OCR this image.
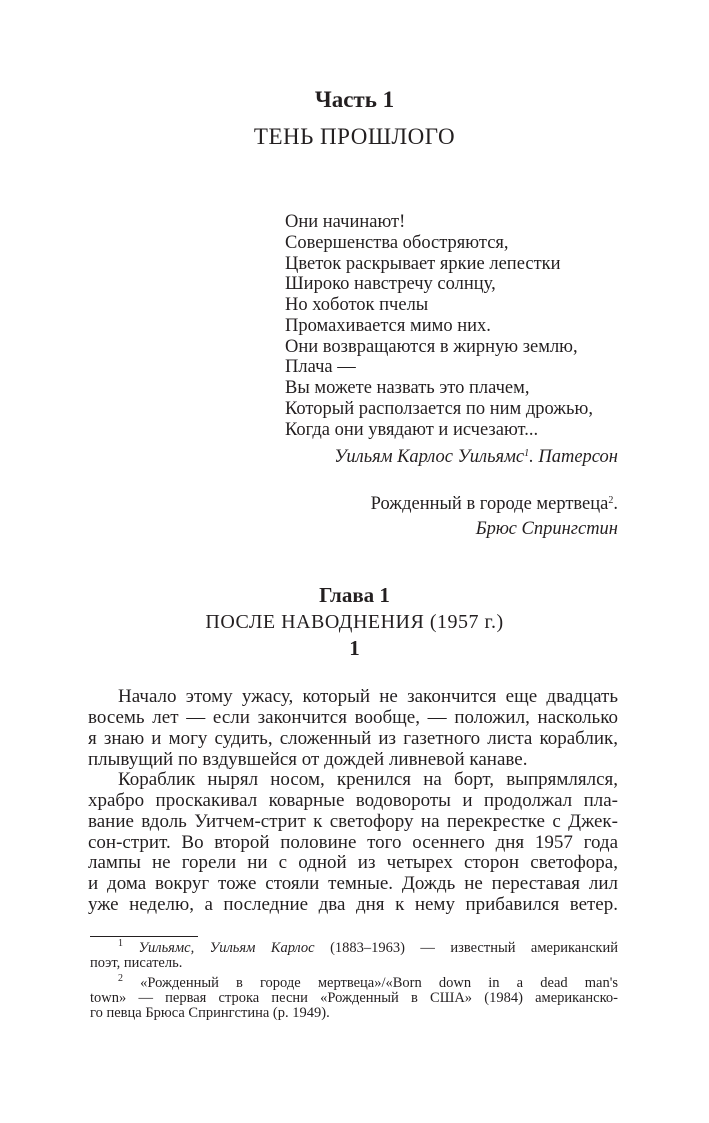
Часть 1
ТЕНЬ ПРОШЛОГО
Они начинают!
Совершенства обостряются,
Цветок раскрывает яркие лепестки
Широко навстречу солнцу,
Но хоботок пчелы
Промахивается мимо них.
Они возвращаются в жирную землю,
Плача —
Вы можете назвать это плачем,
Который расползается по ним дрожью,
Когда они увядают и исчезают...
Уильям Карлос Уильямс$^1$. Патерсон
Рожденный в городе мертвеца$^2$.
Брюс Спрингстин
Глава 1
ПОСЛЕ НАВОДНЕНИЯ (1957 г.)
1
Начало этому ужасу, который не закончится еще двадцать
восемь лет — если закончится вообще, — положил, насколько
я знаю и могу судить, сложенный из газетного листа кораблик,
плывущий по вздувшейся от дождей ливневой канаве.
Кораблик нырял носом, кренился на борт, выпрямлялся,
храбро проскакивал коварные водовороты и продолжал пла-
вание вдоль Уитчем-стрит к светофору на перекрестке с Джек-
сон-стрит. Во второй половине того осеннего дня 1957 года
лампы не горели ни с одной из четырех сторон светофора,
и дома вокруг тоже стояли темные. Дождь не переставая лил
уже неделю, а последние два дня к нему прибавился ветер.
$^1$ Уильямс, Уильям Карлос (1883–1963) — известный американский
поэт, писатель.
$^2$ «Рожденный в городе мертвеца»/«Born down in a dead man's
town» — первая строка песни «Рожденный в США» (1984) американско-
го певца Брюса Спрингстина (р. 1949).
